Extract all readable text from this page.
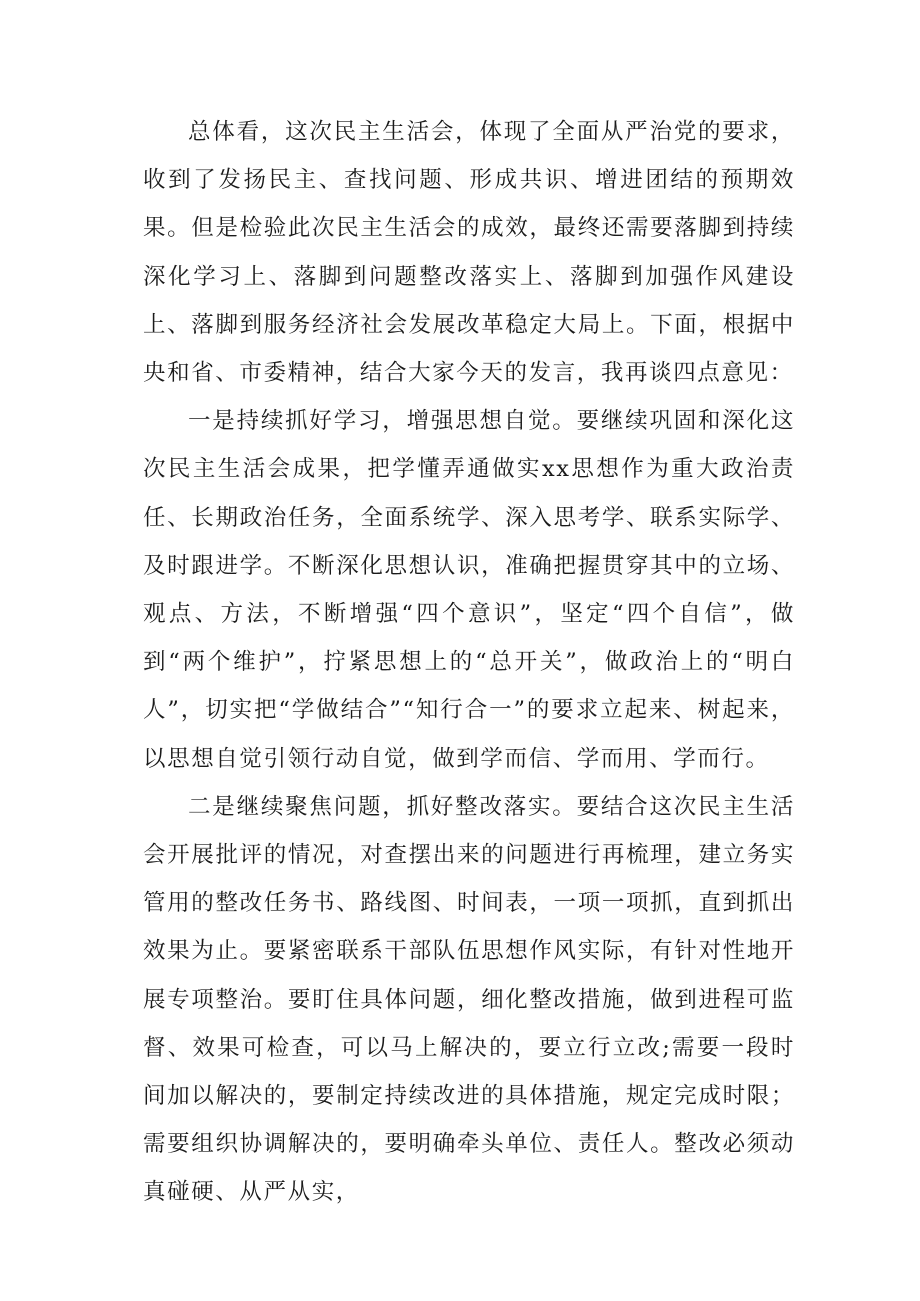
总体看，这次民主生活会，体现了全面从严治党的要求，收到了发扬民主、查找问题、形成共识、增进团结的预期效果。但是检验此次民主生活会的成效，最终还需要落脚到持续深化学习上、落脚到问题整改落实上、落脚到加强作风建设上、落脚到服务经济社会发展改革稳定大局上。下面，根据中央和省、市委精神，结合大家今天的发言，我再谈四点意见：

一是持续抓好学习，增强思想自觉。要继续巩固和深化这次民主生活会成果，把学懂弄通做实xx思想作为重大政治责任、长期政治任务，全面系统学、深入思考学、联系实际学、及时跟进学。不断深化思想认识，准确把握贯穿其中的立场、观点、方法，不断增强“四个意识”，坚定“四个自信”，做到“两个维护”，拧紧思想上的“总开关”，做政治上的“明白人”，切实把“学做结合”“知行合一”的要求立起来、树起来，以思想自觉引领行动自觉，做到学而信、学而用、学而行。

二是继续聚焦问题，抓好整改落实。要结合这次民主生活会开展批评的情况，对查摆出来的问题进行再梳理，建立务实管用的整改任务书、路线图、时间表，一项一项抓，直到抓出效果为止。要紧密联系干部队伍思想作风实际，有针对性地开展专项整治。要盯住具体问题，细化整改措施，做到进程可监督、效果可检查，可以马上解决的，要立行立改;需要一段时间加以解决的，要制定持续改进的具体措施，规定完成时限；需要组织协调解决的，要明确牵头单位、责任人。整改必须动真碰硬、从严从实，
